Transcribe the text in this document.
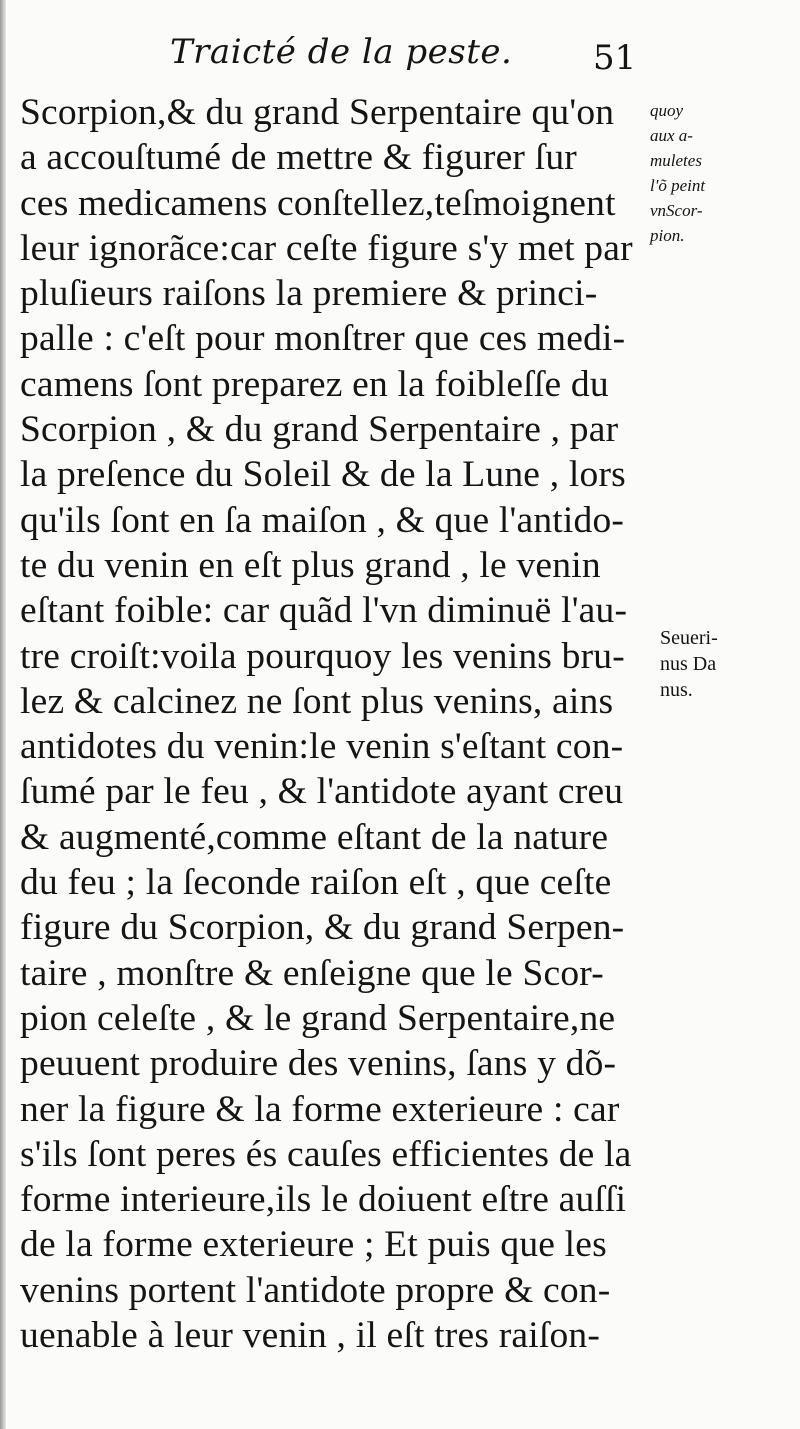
Traicté de la peste. 51
Scorpion,& du grand Serpentaire qu'on
a accouſtumé de mettre & figurer ſur
ces medicamens conſtellez,teſmoignent
leur ignorãce:car ceſte figure s'y met par
pluſieurs raiſons la premiere & princi-
palle : c'eſt pour monſtrer que ces medi-
camens ſont preparez en la foibleſſe du
Scorpion , & du grand Serpentaire , par
la preſence du Soleil & de la Lune , lors
qu'ils ſont en ſa maiſon , & que l'antido-
te du venin en eſt plus grand , le venin
eſtant foible: car quãd l'vn diminuë l'au-
tre croiſt:voila pourquoy les venins bru-
lez & calcinez ne ſont plus venins, ains
antidotes du venin:le venin s'eſtant con-
ſumé par le feu , & l'antidote ayant creu
& augmenté,comme eſtant de la nature
du feu ; la ſeconde raiſon eſt , que ceſte
figure du Scorpion, & du grand Serpen-
taire , monſtre & enſeigne que le Scor-
pion celeſte , & le grand Serpentaire,ne
peuuent produire des venins, ſans y dõ-
ner la figure & la forme exterieure : car
s'ils ſont peres és cauſes efficientes de la
forme interieure,ils le doiuent eſtre auſſi
de la forme exterieure ; Et puis que les
venins portent l'antidote propre & con-
uenable à leur venin , il eſt tres raiſon-
quoy
aux a-
muletes
l'õ peint
vnScor-
pion.
Seueri-
nus Da
nus.
